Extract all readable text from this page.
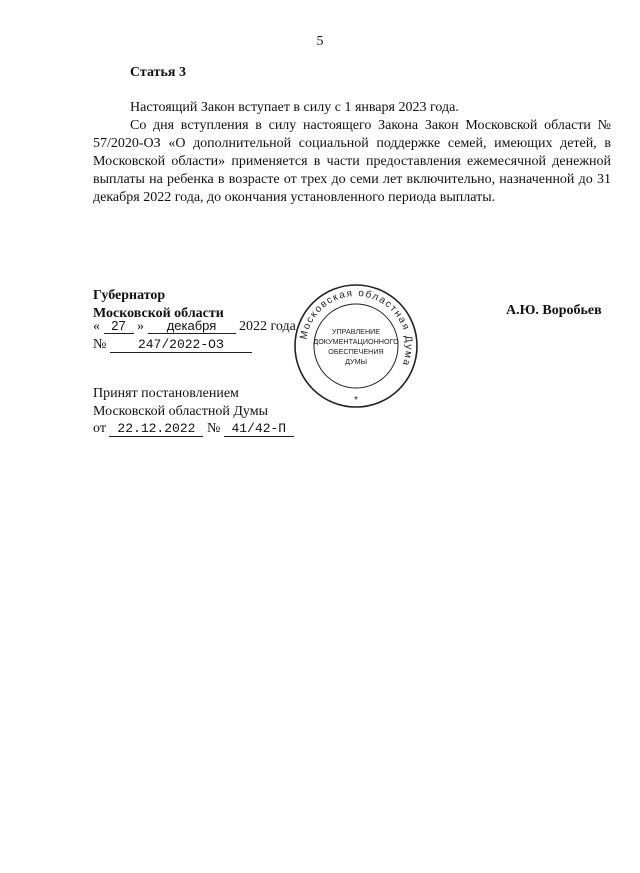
5
Статья 3
Настоящий Закон вступает в силу с 1 января 2023 года.
Со дня вступления в силу настоящего Закона Закон Московской области № 57/2020-ОЗ «О дополнительной социальной поддержке семей, имеющих детей, в Московской области» применяется в части предоставления ежемесячной денежной выплаты на ребенка в возрасте от трех до семи лет включительно, назначенной до 31 декабря 2022 года, до окончания установленного периода выплаты.
Губернатор
Московской области	А.Ю. Воробьев
« 27 » декабря 2022 года
№ 247/2022-ОЗ
Московская областная Дума
УПРАВЛЕНИЕ
ДОКУМЕНТАЦИОННОГО
ОБЕСПЕЧЕНИЯ
ДУМЫ
*
Принят постановлением
Московской областной Думы
от 22.12.2022 № 41/42-П
